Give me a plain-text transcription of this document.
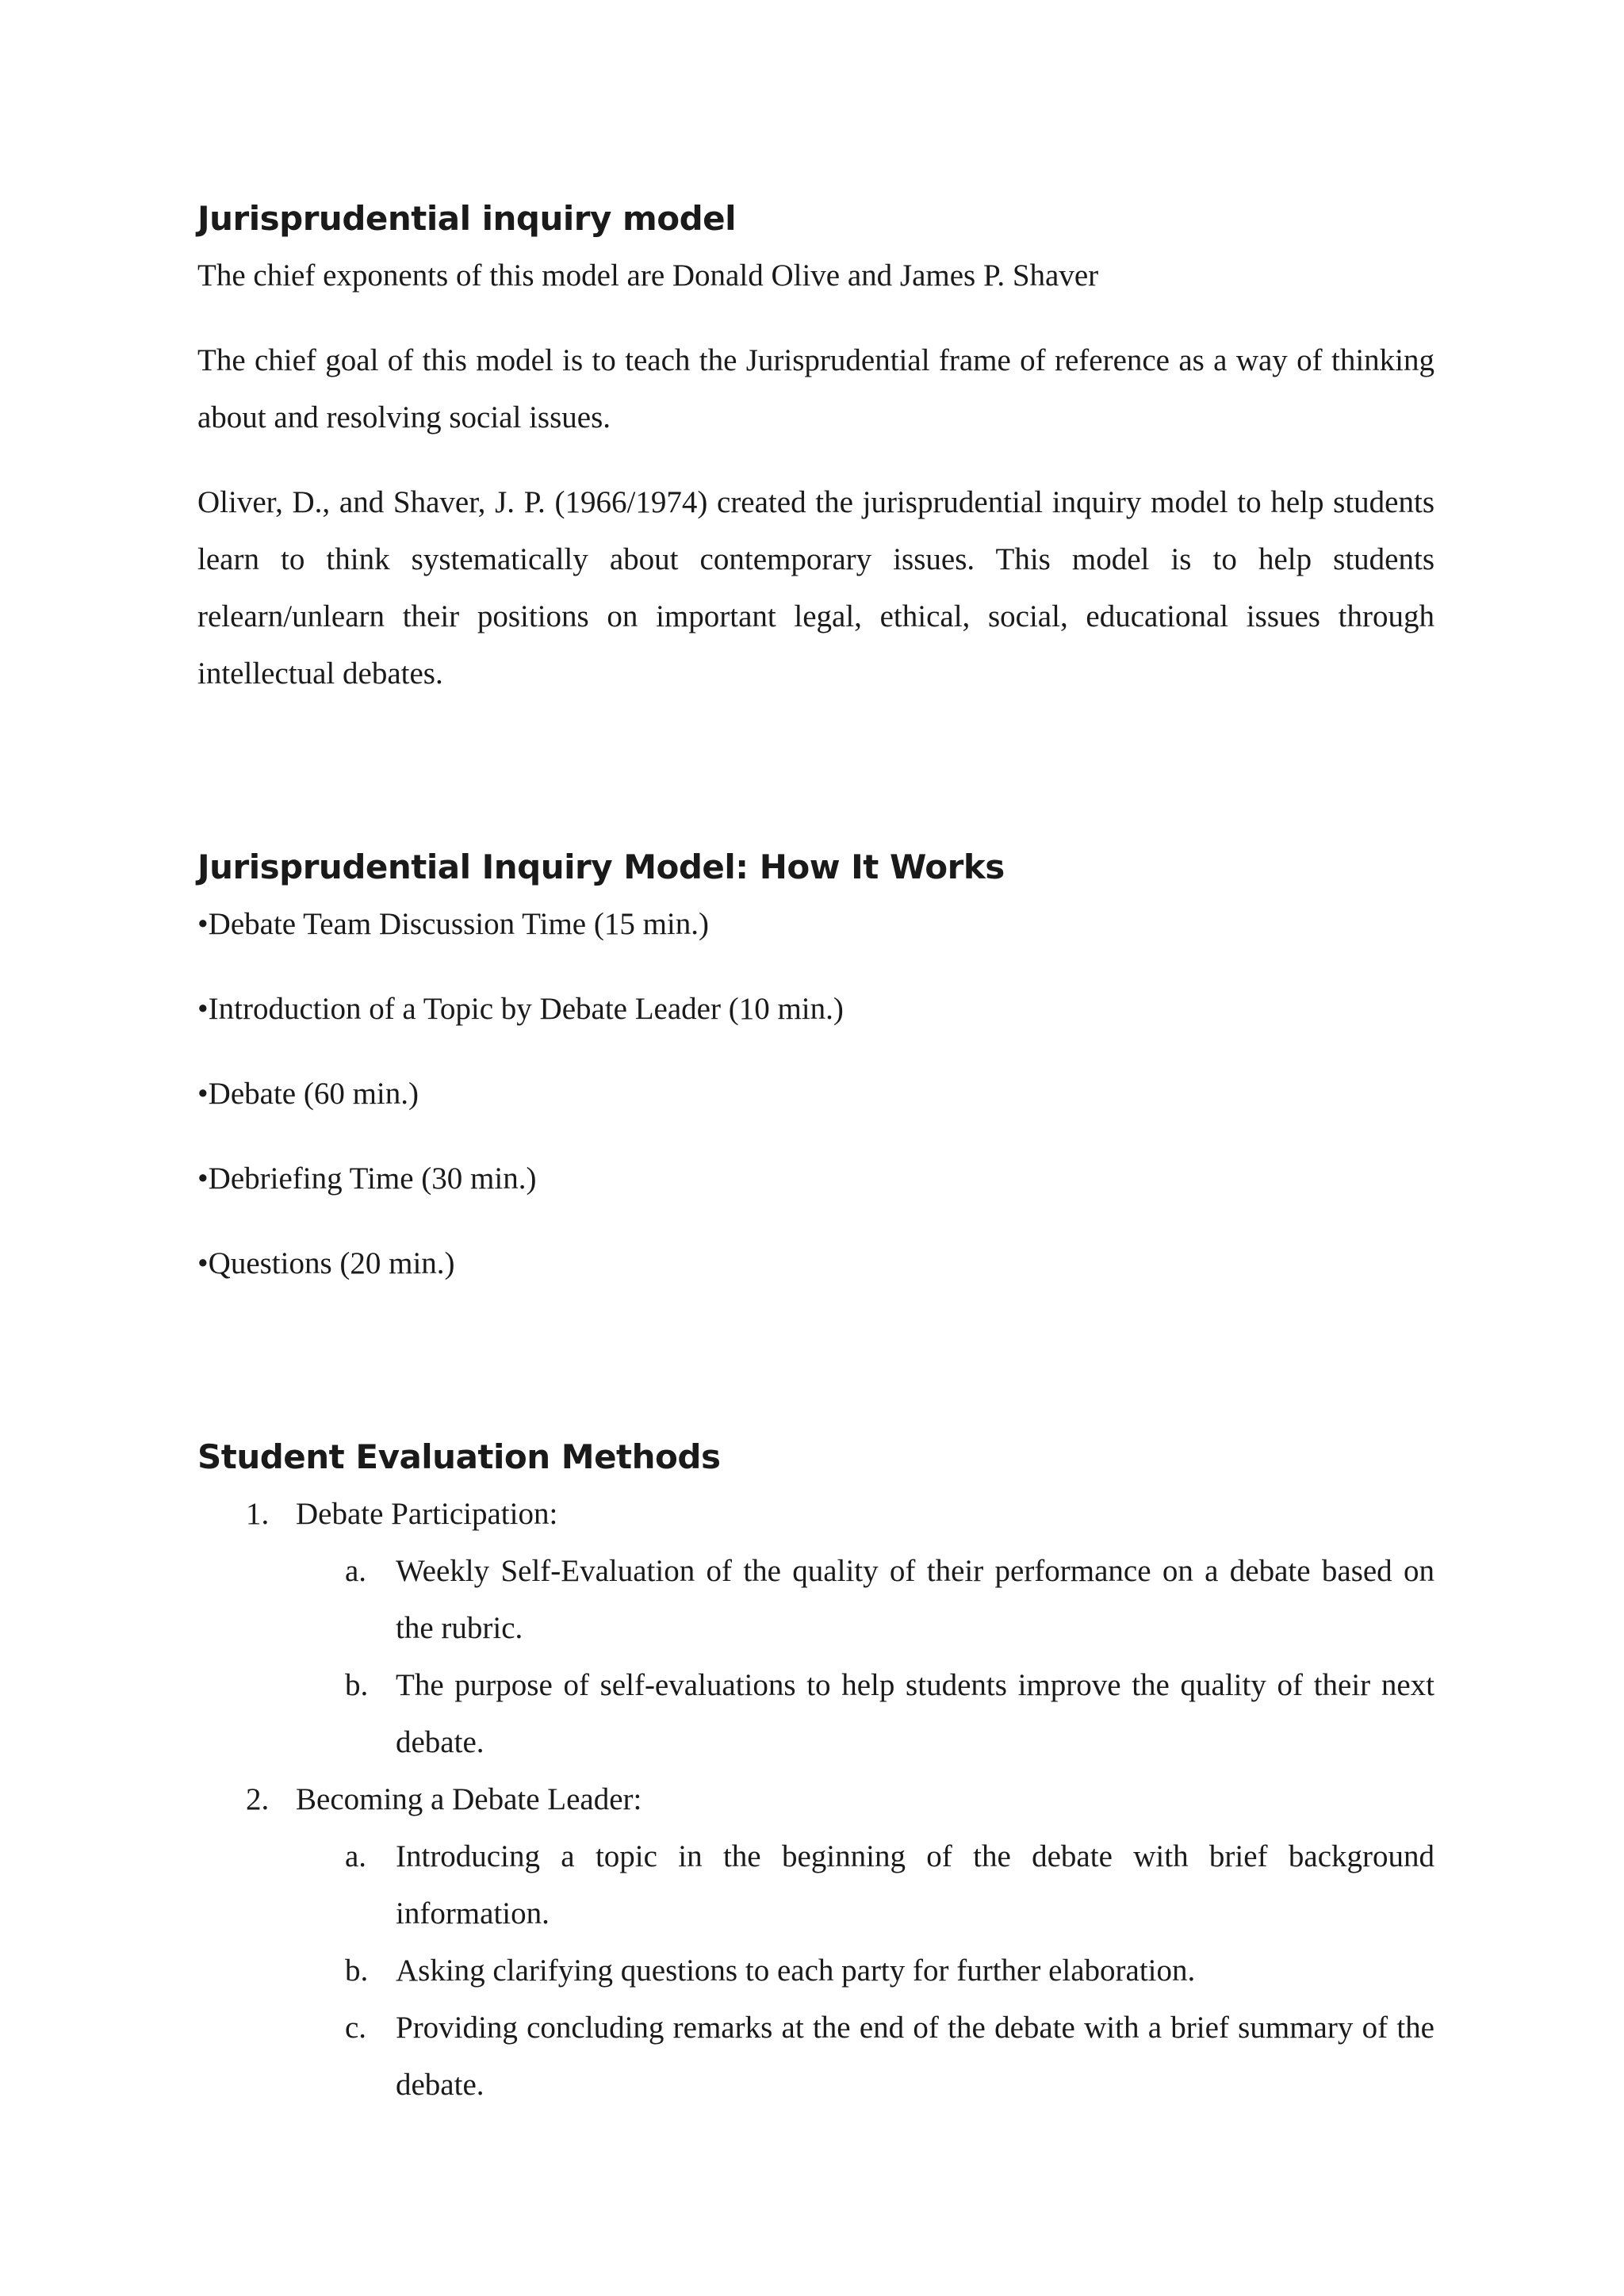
Jurisprudential inquiry model

The chief exponents of this model are Donald Olive and James P. Shaver

The chief goal of this model is to teach the Jurisprudential frame of reference as a way of thinking about and resolving social issues.

Oliver, D., and Shaver, J. P. (1966/1974) created the jurisprudential inquiry model to help students learn to think systematically about contemporary issues. This model is to help students relearn/unlearn their positions on important legal, ethical, social, educational issues through intellectual debates.

Jurisprudential Inquiry Model: How It Works
•Debate Team Discussion Time (15 min.)
•Introduction of a Topic by Debate Leader (10 min.)
•Debate (60 min.)
•Debriefing Time (30 min.)
•Questions (20 min.)
Student Evaluation Methods
1. Debate Participation:
a. Weekly Self-Evaluation of the quality of their performance on a debate based on the rubric.
b. The purpose of self-evaluations to help students improve the quality of their next debate.
2. Becoming a Debate Leader:
a. Introducing a topic in the beginning of the debate with brief background information.
b. Asking clarifying questions to each party for further elaboration.
c. Providing concluding remarks at the end of the debate with a brief summary of the debate.
